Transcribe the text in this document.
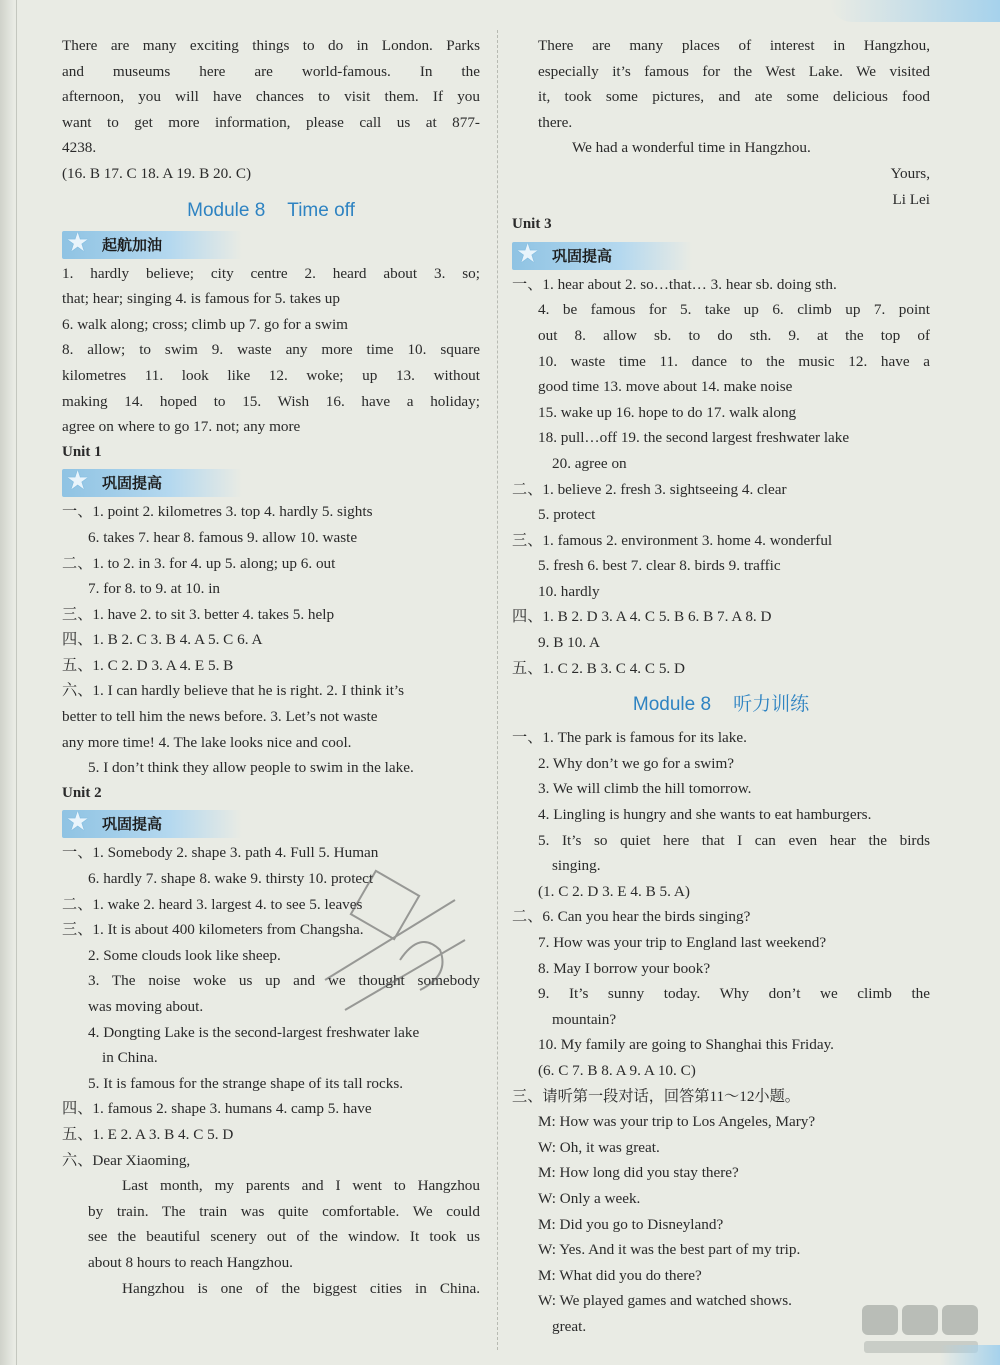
There are many exciting things to do in London. Parks
and museums here are world-famous. In the
afternoon, you will have chances to visit them. If you
want to get more information, please call us at 877-
4238.
(16. B 17. C 18. A 19. B 20. C)
Module 8 Time off
★ 起航加油
1. hardly believe; city centre 2. heard about 3. so;
that; hear; singing 4. is famous for 5. takes up
6. walk along; cross; climb up 7. go for a swim
8. allow; to swim 9. waste any more time 10. square
kilometres 11. look like 12. woke; up 13. without
making 14. hoped to 15. Wish 16. have a holiday;
agree on where to go 17. not; any more
Unit 1
★ 巩固提高
一、1. point 2. kilometres 3. top 4. hardly 5. sights
6. takes 7. hear 8. famous 9. allow 10. waste
二、1. to 2. in 3. for 4. up 5. along; up 6. out
7. for 8. to 9. at 10. in
三、1. have 2. to sit 3. better 4. takes 5. help
四、1. B 2. C 3. B 4. A 5. C 6. A
五、1. C 2. D 3. A 4. E 5. B
六、1. I can hardly believe that he is right. 2. I think it’s
better to tell him the news before. 3. Let’s not waste
any more time! 4. The lake looks nice and cool.
5. I don’t think they allow people to swim in the lake.
Unit 2
★ 巩固提高
一、1. Somebody 2. shape 3. path 4. Full 5. Human
6. hardly 7. shape 8. wake 9. thirsty 10. protect
二、1. wake 2. heard 3. largest 4. to see 5. leaves
三、1. It is about 400 kilometers from Changsha.
2. Some clouds look like sheep.
3. The noise woke us up and we thought somebody
was moving about.
4. Dongting Lake is the second-largest freshwater lake
in China.
5. It is famous for the strange shape of its tall rocks.
四、1. famous 2. shape 3. humans 4. camp 5. have
五、1. E 2. A 3. B 4. C 5. D
六、Dear Xiaoming,
Last month, my parents and I went to Hangzhou
by train. The train was quite comfortable. We could
see the beautiful scenery out of the window. It took us
about 8 hours to reach Hangzhou.
Hangzhou is one of the biggest cities in China.
There are many places of interest in Hangzhou,
especially it’s famous for the West Lake. We visited
it, took some pictures, and ate some delicious food
there.
We had a wonderful time in Hangzhou.
Yours,
Li Lei
Unit 3
★ 巩固提高
一、1. hear about 2. so…that… 3. hear sb. doing sth.
4. be famous for 5. take up 6. climb up 7. point
out 8. allow sb. to do sth. 9. at the top of
10. waste time 11. dance to the music 12. have a
good time 13. move about 14. make noise
15. wake up 16. hope to do 17. walk along
18. pull…off 19. the second largest freshwater lake
20. agree on
二、1. believe 2. fresh 3. sightseeing 4. clear
5. protect
三、1. famous 2. environment 3. home 4. wonderful
5. fresh 6. best 7. clear 8. birds 9. traffic
10. hardly
四、1. B 2. D 3. A 4. C 5. B 6. B 7. A 8. D
9. B 10. A
五、1. C 2. B 3. C 4. C 5. D
Module 8 听力训练
一、1. The park is famous for its lake.
2. Why don’t we go for a swim?
3. We will climb the hill tomorrow.
4. Lingling is hungry and she wants to eat hamburgers.
5. It’s so quiet here that I can even hear the birds
singing.
(1. C 2. D 3. E 4. B 5. A)
二、6. Can you hear the birds singing?
7. How was your trip to England last weekend?
8. May I borrow your book?
9. It’s sunny today. Why don’t we climb the
mountain?
10. My family are going to Shanghai this Friday.
(6. C 7. B 8. A 9. A 10. C)
三、请听第一段对话，回答第11～12小题。
M: How was your trip to Los Angeles, Mary?
W: Oh, it was great.
M: How long did you stay there?
W: Only a week.
M: Did you go to Disneyland?
W: Yes. And it was the best part of my trip.
M: What did you do there?
W: We played games and watched shows.
great.
